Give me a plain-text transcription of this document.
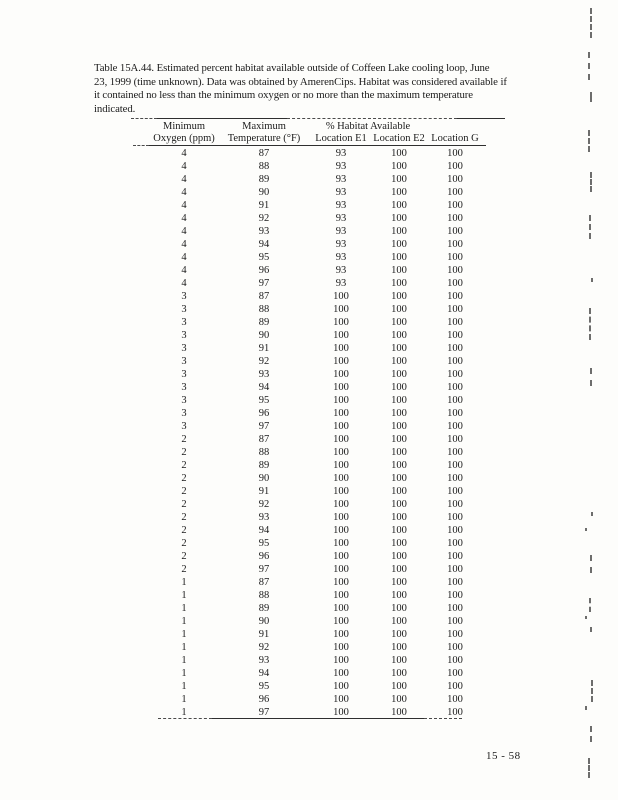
Table 15A.44. Estimated percent habitat available outside of Coffeen Lake cooling loop, June
23, 1999 (time unknown). Data was obtained by AmerenCips. Habitat was considered available if
it contained no less than the minimum oxygen or no more than the maximum temperature
indicated.
Minimum	Maximum	% Habitat Available
Oxygen (ppm)	Temperature (°F)	Location E1 Location E2 Location G
4	87	93	100	100
4	88	93	100	100
4	89	93	100	100
4	90	93	100	100
4	91	93	100	100
4	92	93	100	100
4	93	93	100	100
4	94	93	100	100
4	95	93	100	100
4	96	93	100	100
4	97	93	100	100
3	87	100	100	100
3	88	100	100	100
3	89	100	100	100
3	90	100	100	100
3	91	100	100	100
3	92	100	100	100
3	93	100	100	100
3	94	100	100	100
3	95	100	100	100
3	96	100	100	100
3	97	100	100	100
2	87	100	100	100
2	88	100	100	100
2	89	100	100	100
2	90	100	100	100
2	91	100	100	100
2	92	100	100	100
2	93	100	100	100
2	94	100	100	100
2	95	100	100	100
2	96	100	100	100
2	97	100	100	100
1	87	100	100	100
1	88	100	100	100
1	89	100	100	100
1	90	100	100	100
1	91	100	100	100
1	92	100	100	100
1	93	100	100	100
1	94	100	100	100
1	95	100	100	100
1	96	100	100	100
1	97	100	100	100
15 - 58
